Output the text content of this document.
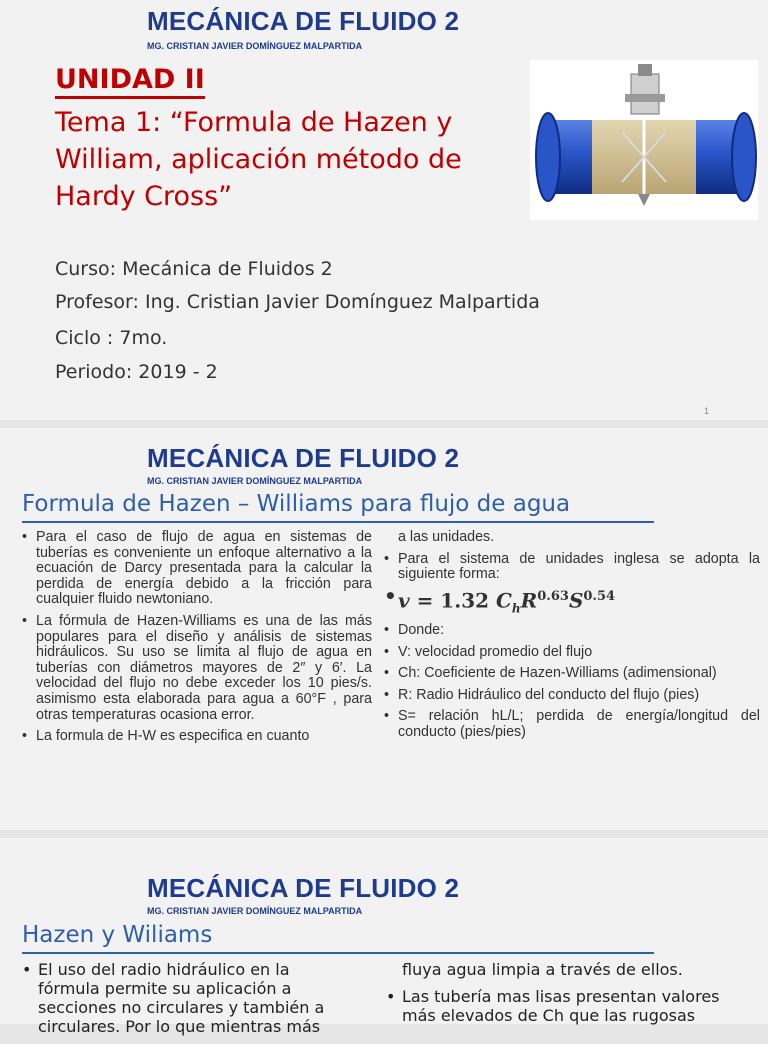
MECÁNICA DE FLUIDO 2
MG. CRISTIAN JAVIER DOMÍNGUEZ MALPARTIDA
UNIDAD II
Tema 1: “Formula de Hazen y William, aplicación método de Hardy Cross”
Curso: Mecánica de Fluidos 2
Profesor: Ing. Cristian Javier Domínguez Malpartida
Ciclo : 7mo.
Periodo: 2019 - 2
1
MECÁNICA DE FLUIDO 2
MG. CRISTIAN JAVIER DOMÍNGUEZ MALPARTIDA
Formula de Hazen – Williams para flujo de agua
• Para el caso de flujo de agua en sistemas de tuberías es conveniente un enfoque alternativo a la ecuación de Darcy presentada para la calcular la perdida de energía debido a la fricción para cualquier fluido newtoniano.
• La fórmula de Hazen-Williams es una de las más populares para el diseño y análisis de sistemas hidráulicos. Su uso se limita al flujo de agua en tuberías con diámetros mayores de 2″ y 6′. La velocidad del flujo no debe exceder los 10 pies/s. asimismo esta elaborada para agua a 60°F , para otras temperaturas ocasiona error.
• La formula de H-W es especifica en cuanto
a las unidades.
• Para el sistema de unidades inglesa se adopta la siguiente forma:
• v = 1.32 $C_hR^{0.63}S^{0.54}$
• Donde:
• V: velocidad promedio del flujo
• Ch: Coeficiente de Hazen-Williams (adimensional)
• R: Radio Hidráulico del conducto del flujo (pies)
• S= relación hL/L; perdida de energía/longitud del conducto (pies/pies)
MECÁNICA DE FLUIDO 2
MG. CRISTIAN JAVIER DOMÍNGUEZ MALPARTIDA
Hazen y Wiliams
• El uso del radio hidráulico en la fórmula permite su aplicación a secciones no circulares y también a circulares. Por lo que mientras más
fluya agua limpia a través de ellos.
• Las tubería mas lisas presentan valores más elevados de Ch que las rugosas
